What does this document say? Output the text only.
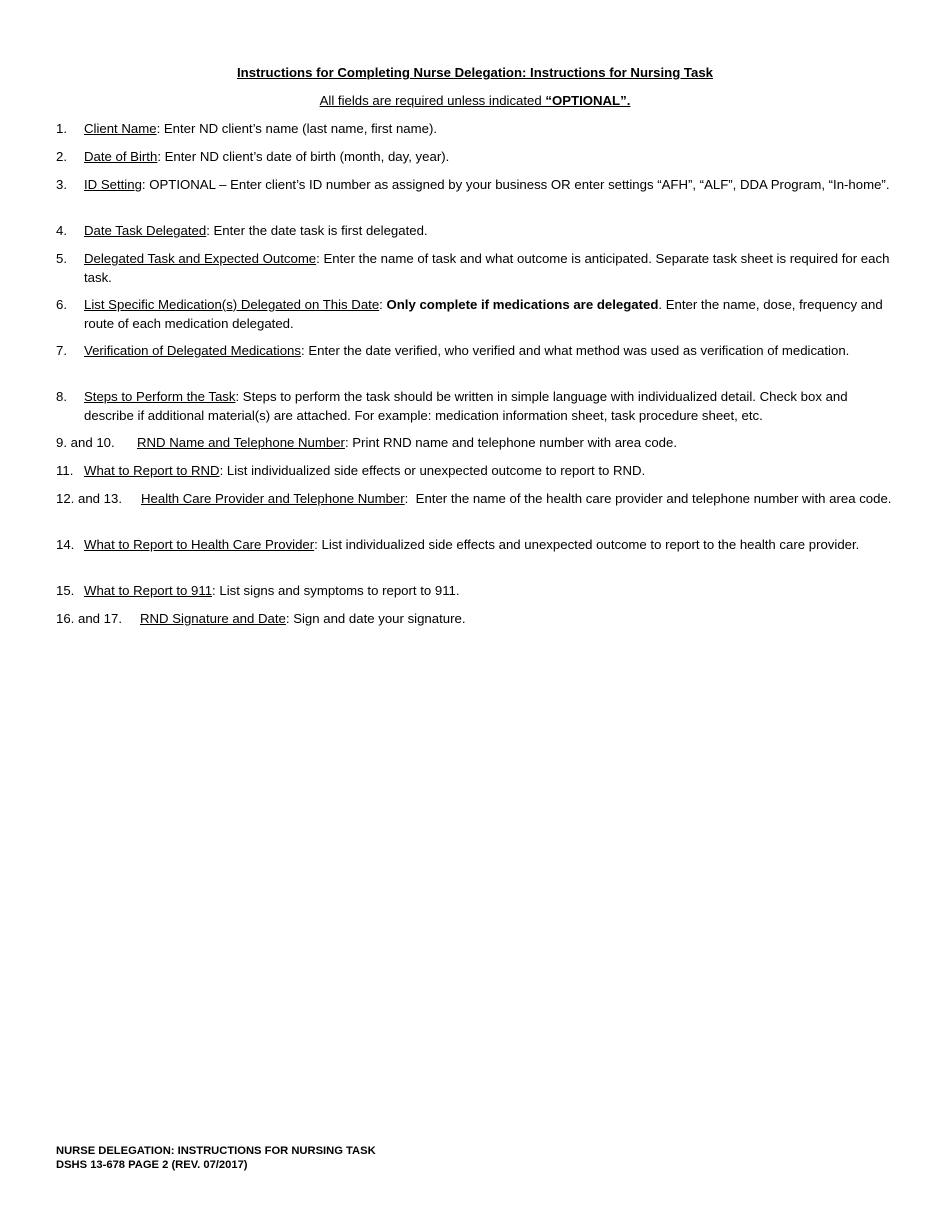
Instructions for Completing Nurse Delegation: Instructions for Nursing Task
All fields are required unless indicated “OPTIONAL”.
1. Client Name: Enter ND client’s name (last name, first name).
2. Date of Birth: Enter ND client’s date of birth (month, day, year).
3. ID Setting: OPTIONAL – Enter client’s ID number as assigned by your business OR enter settings “AFH”, “ALF”, DDA Program, “In-home”.
4. Date Task Delegated: Enter the date task is first delegated.
5. Delegated Task and Expected Outcome: Enter the name of task and what outcome is anticipated. Separate task sheet is required for each task.
6. List Specific Medication(s) Delegated on This Date: Only complete if medications are delegated. Enter the name, dose, frequency and route of each medication delegated.
7. Verification of Delegated Medications: Enter the date verified, who verified and what method was used as verification of medication.
8. Steps to Perform the Task: Steps to perform the task should be written in simple language with individualized detail. Check box and describe if additional material(s) are attached. For example: medication information sheet, task procedure sheet, etc.
9. and 10. RND Name and Telephone Number: Print RND name and telephone number with area code.
11. What to Report to RND: List individualized side effects or unexpected outcome to report to RND.
12. and 13. Health Care Provider and Telephone Number: Enter the name of the health care provider and telephone number with area code.
14. What to Report to Health Care Provider: List individualized side effects and unexpected outcome to report to the health care provider.
15. What to Report to 911: List signs and symptoms to report to 911.
16. and 17. RND Signature and Date: Sign and date your signature.
NURSE DELEGATION: INSTRUCTIONS FOR NURSING TASK
DSHS 13-678 PAGE 2 (REV. 07/2017)
